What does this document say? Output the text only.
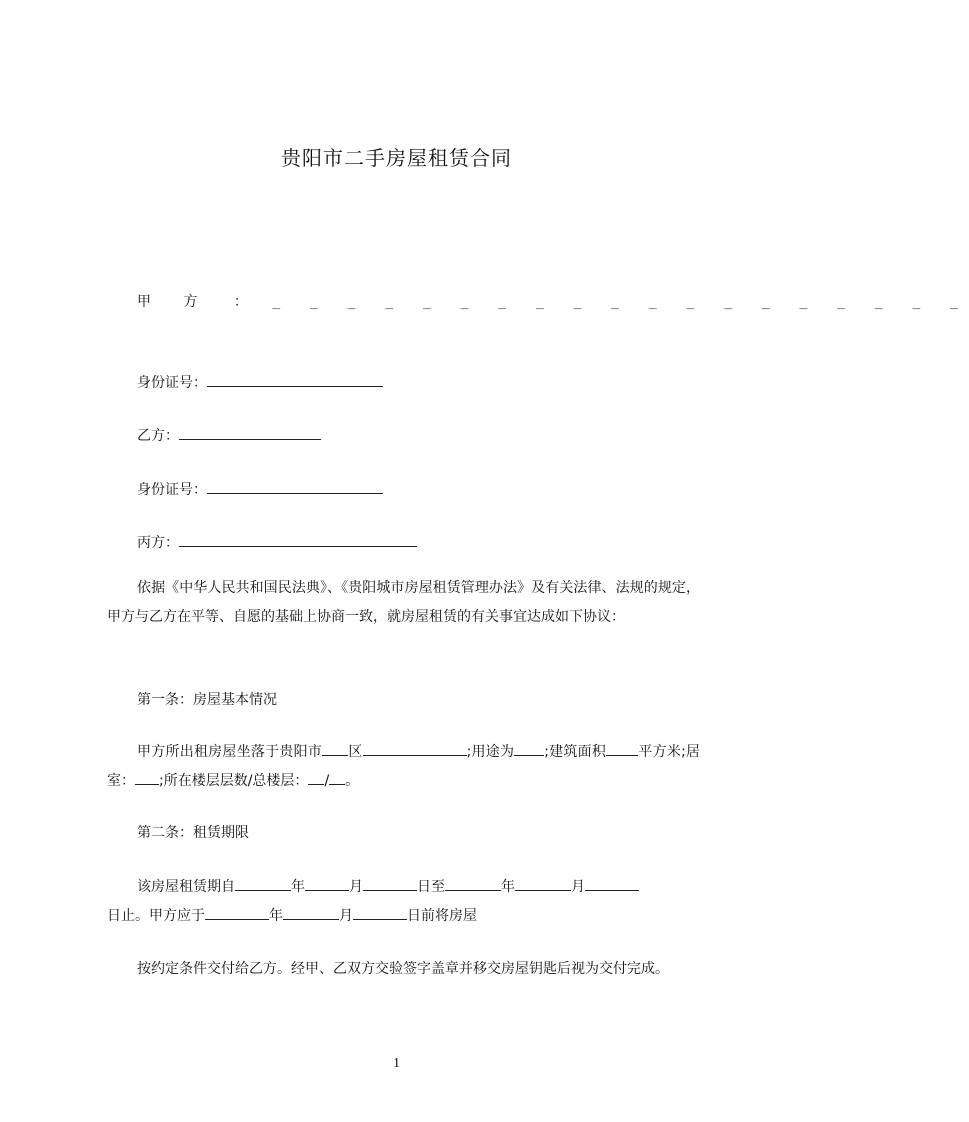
贵阳市二手房屋租赁合同
甲 方 ： _ _ _ _ _ _ _ _ _ _ _ _ _ _ _ _ _ _ _
身份证号：
乙方：
身份证号：
丙方：

依据《中华人民共和国民法典》、《贵阳城市房屋租赁管理办法》及有关法律、法规的规定，甲方与乙方在平等、自愿的基础上协商一致，就房屋租赁的有关事宜达成如下协议：

第一条：房屋基本情况

甲方所出租房屋坐落于贵阳市 区	;用途为 ;建筑面积 平方米;居室： ;所在楼层层数/总楼层： / 。

第二条：租赁期限

该房屋租赁期自	年	月	日至	年	月

日止。甲方应于	年	月	日前将房屋

按约定条件交付给乙方。经甲、乙双方交验签字盖章并移交房屋钥匙后视为交付完成。

1
